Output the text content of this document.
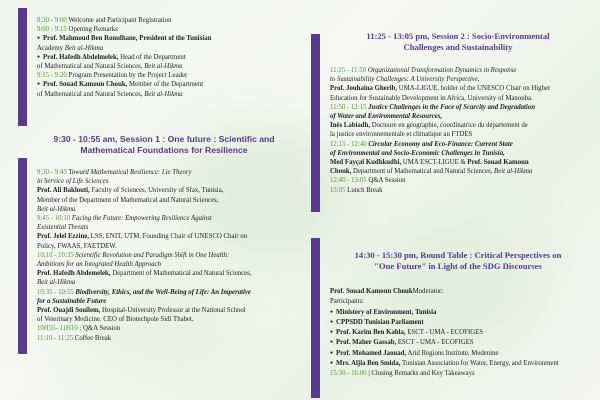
8:30 - 9:00 Welcome and Participant Registration

9:00 - 9:15 Opening Remarks

● Prof. Mahmoud Ben Romdhane, President of the Tunisian

Academy Beit al-Hikma

● Prof. Hafedh Abdelmelek, Head of the Department

of Mathematical and Natural Sciences, Beit al-Hikma

9:15 - 9:20 Program Presentation by the Project Leader

● Prof. Souad Kamoun Chouk, Member of the Department

of Mathematical and Natural Sciences, Beit al-Hikma

9:30 - 10:55 am, Session 1 : One future : Scientific and
Mathematical Foundations for Resilience

9:30 - 9:45 Toward Mathematical Resilience: Lie Theory

in Service of Life Sciences

Prof. Ali Baklouti, Faculty of Sciences, University of Sfax, Tunisia,

Member of the Department of Mathematical and Natural Sciences,

Beit al-Hikma

9:45 - 10:10 Facing the Future: Empowering Resilience Against

Existential Threats

Prof. Jelel Ezzine, LSS, ENIT, UTM, Founding Chair of UNESCO Chair on

Policy, FWAAS, FAETDEW.

10:10 - 10:35 Scientific Revolution and Paradigm Shift in One Health:

Ambitions for an Integrated Health Approach

Prof. Hafedh Abdemelek, Department of Mathematical and Natural Sciences,

Beit al-Hikma

10:35 - 10:55 Biodiversity, Ethics, and the Well-Being of Life: An Imperative

for a Sustainable Future

Prof. Ouajdi Souilem, Hospital-University Professor at the National School

of Veterinary Medicine. CEO of Biotechpole Sidi Thabet.

10H55- 11H10 : Q&A Session

11:10 - 11:25 Coffee Break

11:25 - 13:05 pm, Session 2 : Socio-Environmental
Challenges and Sustainability

11:25 - 11:50 Organizational Transformation Dynamics in Response

to Sustainability Challenges: A University Perspective,

Prof. Jouhaina Gherib, UMA-LIGUE, holder of the UNESCO Chair on Higher

Education for Sustainable Development in Africa, University of Manouba.

11:50 - 12:15 Justice Challenges in the Face of Scarcity and Degradation

of Water and Environmental Resources,

Inès Labiadh, Docteure en géographie, coordinatrice du département de

la justice environnementale et climatique au FTDES

12:15 - 12:40 Circular Economy and Eco-Finance: Current State

of Environmental and Socio-Economic Challenges in Tunisia,

Med Fayçal Kudhkudhi, UMA ESCT-LIGUE & Prof. Souad Kamoun

Chouk, Department of Mathematical and Natural Sciences, Beit al-Hikma

12:40 - 13:05 Q&A Session

13:05 Lunch Break

14:30 - 15:30 pm, Round Table : Critical Perspectives on
"One Future" in Light of the SDG Discourses

Prof. Souad Kamoun ChoukModerator:

Participants:

● Ministery of Environment, Tunisia

● CPPSDD Tunisian Parliament

● Prof. Karim Ben Kahla, ESCT - UMA - ECOFIGES

● Prof. Maher Gassab, ESCT - UMA - ECOFIGES

● Prof. Mohamed Jaouad, Arid Regions Institute, Medenine

● Mrs. Aljia Ben Smida, Tunisian Association for Water, Energy, and Environment

15:30 - 16:00 | Closing Remarks and Key Takeaways
